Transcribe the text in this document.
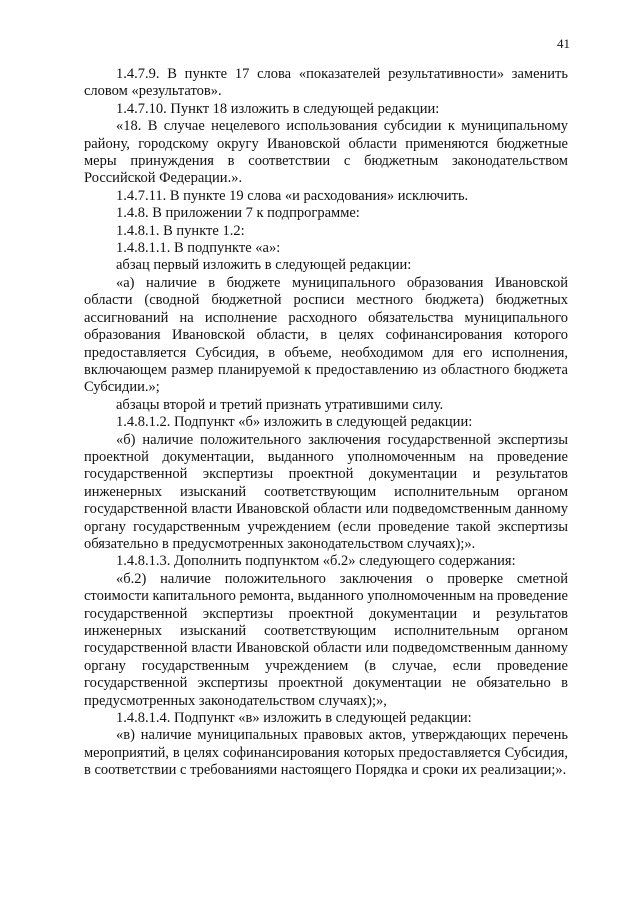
41

1.4.7.9. В пункте 17 слова «показателей результативности» заменить словом «результатов».

1.4.7.10. Пункт 18 изложить в следующей редакции:

«18. В случае нецелевого использования субсидии к муниципальному району, городскому округу Ивановской области применяются бюджетные меры принуждения в соответствии с бюджетным законодательством Российской Федерации.».

1.4.7.11. В пункте 19 слова «и расходования» исключить.

1.4.8. В приложении 7 к подпрограмме:

1.4.8.1. В пункте 1.2:

1.4.8.1.1. В подпункте «а»:

абзац первый изложить в следующей редакции:

«а) наличие в бюджете муниципального образования Ивановской области (сводной бюджетной росписи местного бюджета) бюджетных ассигнований на исполнение расходного обязательства муниципального образования Ивановской области, в целях софинансирования которого предоставляется Субсидия, в объеме, необходимом для его исполнения, включающем размер планируемой к предоставлению из областного бюджета Субсидии.»;

абзацы второй и третий признать утратившими силу.

1.4.8.1.2. Подпункт «б» изложить в следующей редакции:

«б) наличие положительного заключения государственной экспертизы проектной документации, выданного уполномоченным на проведение государственной экспертизы проектной документации и результатов инженерных изысканий соответствующим исполнительным органом государственной власти Ивановской области или подведомственным данному органу государственным учреждением (если проведение такой экспертизы обязательно в предусмотренных законодательством случаях);».

1.4.8.1.3. Дополнить подпунктом «б.2» следующего содержания:

«б.2) наличие положительного заключения о проверке сметной стоимости капитального ремонта, выданного уполномоченным на проведение государственной экспертизы проектной документации и результатов инженерных изысканий соответствующим исполнительным органом государственной власти Ивановской области или подведомственным данному органу государственным учреждением (в случае, если проведение государственной экспертизы проектной документации не обязательно в предусмотренных законодательством случаях);»,

1.4.8.1.4. Подпункт «в» изложить в следующей редакции:

«в) наличие муниципальных правовых актов, утверждающих перечень мероприятий, в целях софинансирования которых предоставляется Субсидия, в соответствии с требованиями настоящего Порядка и сроки их реализации;».
